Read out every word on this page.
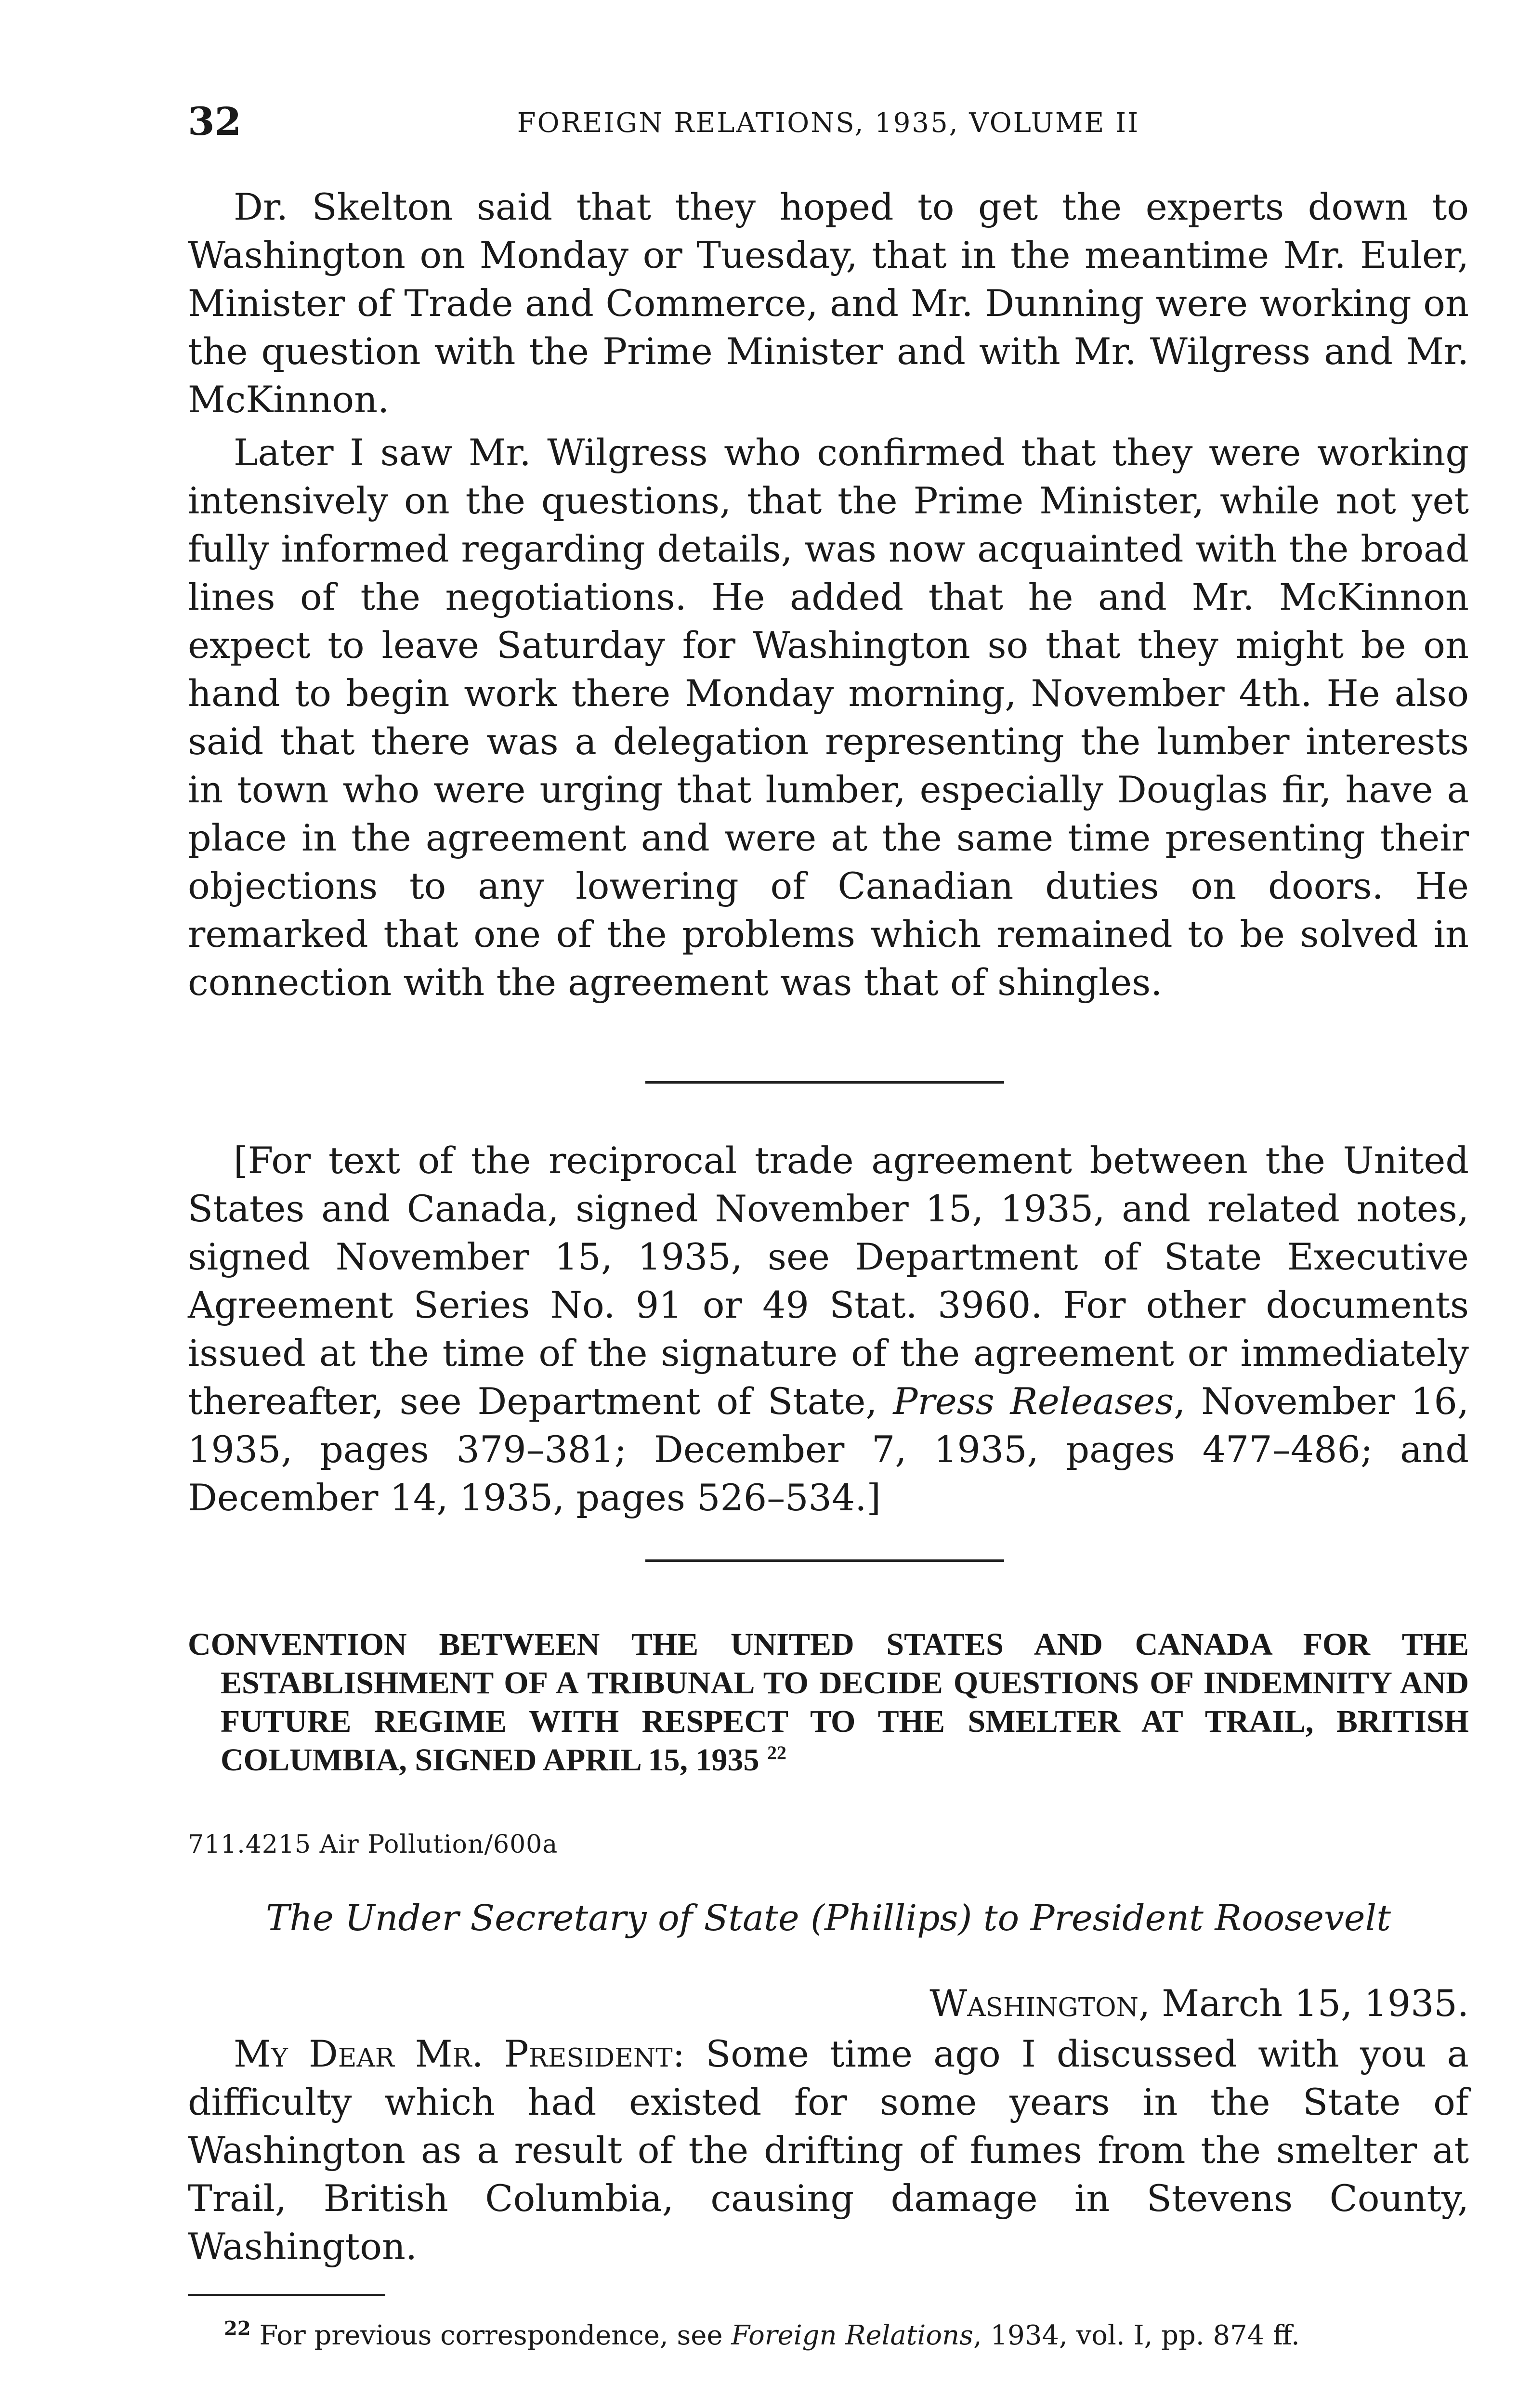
32	FOREIGN RELATIONS, 1935, VOLUME II

Dr. Skelton said that they hoped to get the experts down to Washington on Monday or Tuesday, that in the meantime Mr. Euler, Minister of Trade and Commerce, and Mr. Dunning were working on the question with the Prime Minister and with Mr. Wilgress and Mr. McKinnon.

Later I saw Mr. Wilgress who confirmed that they were working intensively on the questions, that the Prime Minister, while not yet fully informed regarding details, was now acquainted with the broad lines of the negotiations. He added that he and Mr. McKinnon expect to leave Saturday for Washington so that they might be on hand to begin work there Monday morning, November 4th. He also said that there was a delegation representing the lumber interests in town who were urging that lumber, especially Douglas fir, have a place in the agreement and were at the same time presenting their objections to any lowering of Canadian duties on doors. He remarked that one of the problems which remained to be solved in connection with the agreement was that of shingles.

[For text of the reciprocal trade agreement between the United States and Canada, signed November 15, 1935, and related notes, signed November 15, 1935, see Department of State Executive Agreement Series No. 91 or 49 Stat. 3960. For other documents issued at the time of the signature of the agreement or immediately thereafter, see Department of State, Press Releases, November 16, 1935, pages 379–381; December 7, 1935, pages 477–486; and December 14, 1935, pages 526–534.]

CONVENTION BETWEEN THE UNITED STATES AND CANADA FOR THE ESTABLISHMENT OF A TRIBUNAL TO DECIDE QUESTIONS OF INDEMNITY AND FUTURE REGIME WITH RESPECT TO THE SMELTER AT TRAIL, BRITISH COLUMBIA, SIGNED APRIL 15, 1935 $^{22}$
711.4215 Air Pollution/600a
The Under Secretary of State (Phillips) to President Roosevelt
Washington, March 15, 1935.

My Dear Mr. President: Some time ago I discussed with you a difficulty which had existed for some years in the State of Washington as a result of the drifting of fumes from the smelter at Trail, British Columbia, causing damage in Stevens County, Washington.

$^{22}$ For previous correspondence, see Foreign Relations, 1934, vol. I, pp. 874 ff.
